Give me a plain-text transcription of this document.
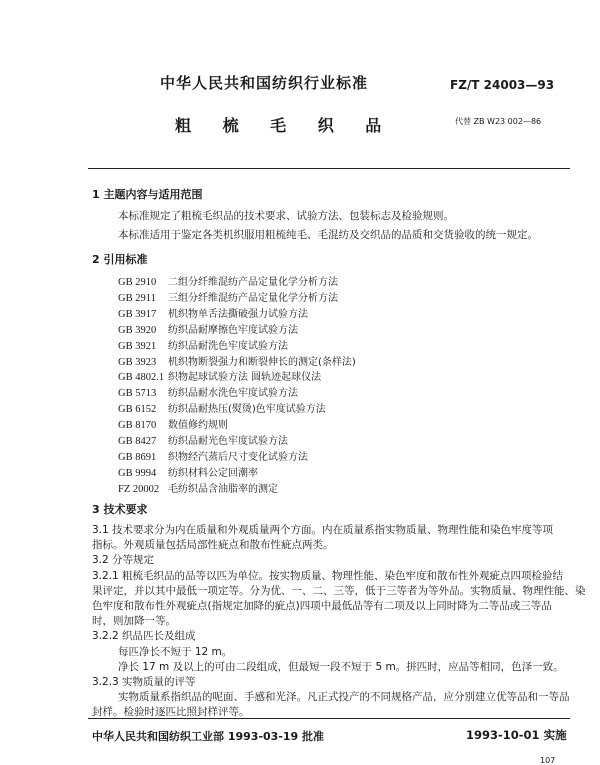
中华人民共和国纺织行业标准	FZ/T 24003—93
粗 梳 毛 织 品	代替 ZB W23 002—86
1 主题内容与适用范围
本标准规定了粗梳毛织品的技术要求、试验方法、包装标志及检验规则。
本标准适用于鉴定各类机织服用粗梳纯毛、毛混纺及交织品的品质和交货验收的统一规定。
2 引用标准
GB 2910 二组分纤维混纺产品定量化学分析方法
GB 2911 三组分纤维混纺产品定量化学分析方法
GB 3917 机织物单舌法撕破强力试验方法
GB 3920 纺织品耐摩擦色牢度试验方法
GB 3921 纺织品耐洗色牢度试验方法
GB 3923 机织物断裂强力和断裂伸长的测定(条样法)
GB 4802.1 织物起球试验方法 圆轨迹起球仪法
GB 5713 纺织品耐水洗色牢度试验方法
GB 6152 纺织品耐热压(熨烫)色牢度试验方法
GB 8170 数值修约规则
GB 8427 纺织品耐光色牢度试验方法
GB 8691 织物经汽蒸后尺寸变化试验方法
GB 9994 纺织材料公定回潮率
FZ 20002 毛纺织品含油脂率的测定
3 技术要求
3.1 技术要求分为内在质量和外观质量两个方面。内在质量系指实物质量、物理性能和染色牢度等项
指标。外观质量包括局部性疵点和散布性疵点两类。
3.2 分等规定
3.2.1 粗梳毛织品的品等以匹为单位。按实物质量、物理性能、染色牢度和散布性外观疵点四项检验结
果评定，并以其中最低一项定等。分为优、一、二、三等，低于三等者为等外品。实物质量、物理性能、染
色牢度和散布性外观疵点(指规定加降的疵点)四项中最低品等有二项及以上同时降为二等品或三等品
时，则加降一等。
3.2.2 织品匹长及组成
每匹净长不短于 12 m。
净长 17 m 及以上的可由二段组成，但最短一段不短于 5 m。拼匹时，应品等相同，色泽一致。
3.2.3 实物质量的评等
实物质量系指织品的呢面、手感和光泽。凡正式投产的不同规格产品，应分别建立优等品和一等品
封样。检验时逐匹比照封样评等。
中华人民共和国纺织工业部 1993-03-19 批准	1993-10-01 实施
107
